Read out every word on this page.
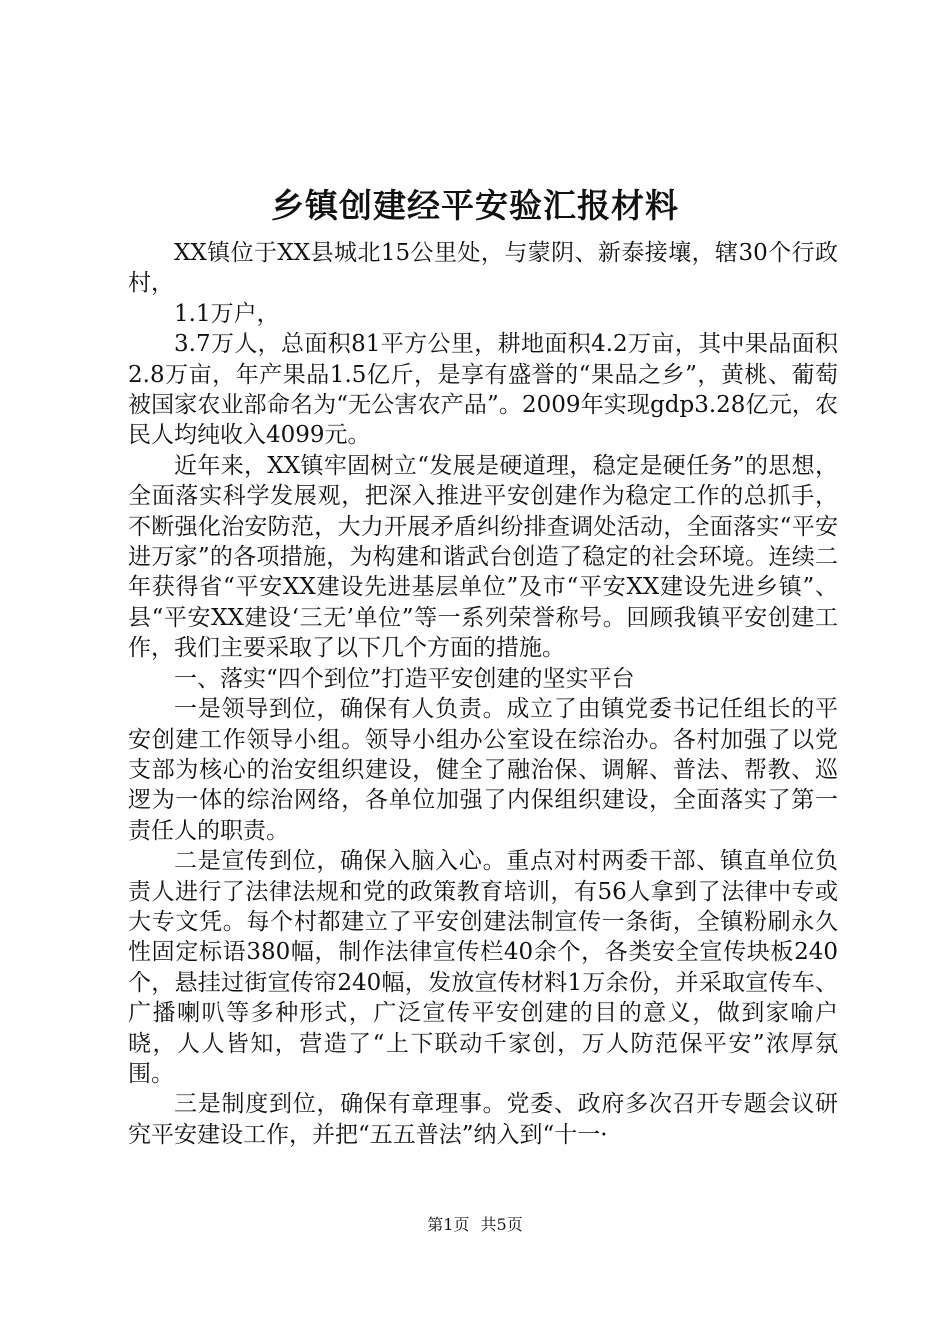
乡镇创建经平安验汇报材料

XX镇位于XX县城北15公里处，与蒙阴、新泰接壤，辖30个行政村，

1.1万户，

3.7万人，总面积81平方公里，耕地面积4.2万亩，其中果品面积2.8万亩，年产果品1.5亿斤，是享有盛誉的“果品之乡”，黄桃、葡萄被国家农业部命名为“无公害农产品”。2009年实现gdp3.28亿元，农民人均纯收入4099元。

近年来，XX镇牢固树立“发展是硬道理，稳定是硬任务”的思想，全面落实科学发展观，把深入推进平安创建作为稳定工作的总抓手，不断强化治安防范，大力开展矛盾纠纷排查调处活动，全面落实“平安进万家”的各项措施，为构建和谐武台创造了稳定的社会环境。连续二年获得省“平安XX建设先进基层单位”及市“平安XX建设先进乡镇”、县“平安XX建设‘三无’单位”等一系列荣誉称号。回顾我镇平安创建工作，我们主要采取了以下几个方面的措施。

一、落实“四个到位”打造平安创建的坚实平台

一是领导到位，确保有人负责。成立了由镇党委书记任组长的平安创建工作领导小组。领导小组办公室设在综治办。各村加强了以党支部为核心的治安组织建设，健全了融治保、调解、普法、帮教、巡逻为一体的综治网络，各单位加强了内保组织建设，全面落实了第一责任人的职责。

二是宣传到位，确保入脑入心。重点对村两委干部、镇直单位负责人进行了法律法规和党的政策教育培训，有56人拿到了法律中专或大专文凭。每个村都建立了平安创建法制宣传一条街，全镇粉刷永久性固定标语380幅，制作法律宣传栏40余个，各类安全宣传块板240个，悬挂过街宣传帘240幅，发放宣传材料1万余份，并采取宣传车、广播喇叭等多种形式，广泛宣传平安创建的目的意义，做到家喻户晓，人人皆知，营造了“上下联动千家创，万人防范保平安”浓厚氛围。

三是制度到位，确保有章理事。党委、政府多次召开专题会议研究平安建设工作，并把“五五普法”纳入到“十一·

第1页 共5页
